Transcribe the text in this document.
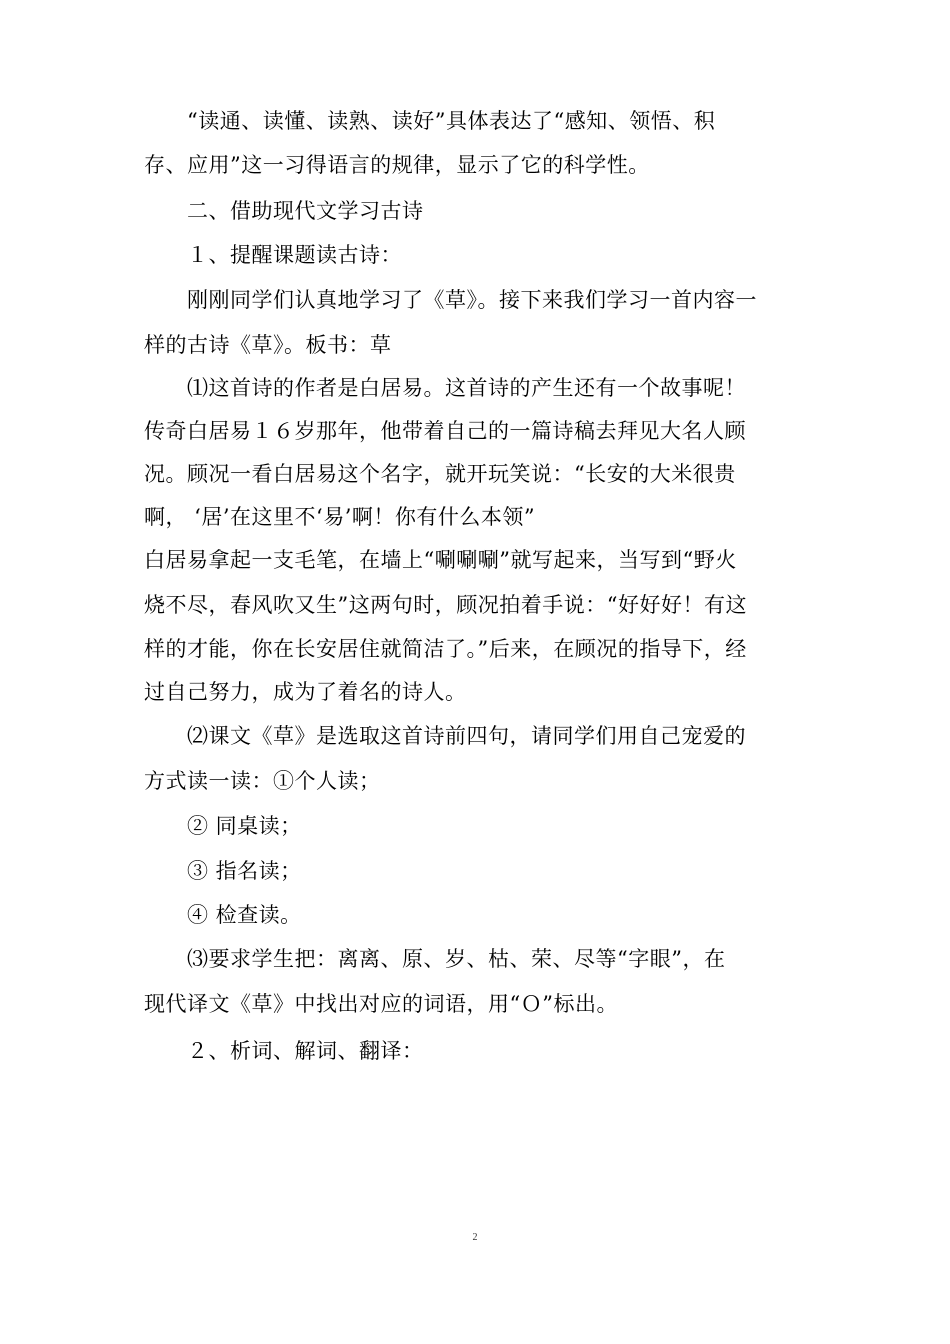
　　“读通、读懂、读熟、读好”具体表达了“感知、领悟、积
存、应用”这一习得语言的规律，显示了它的科学性。
　　二、借助现代文学习古诗
　　１、提醒课题读古诗：
　　刚刚同学们认真地学习了《草》。接下来我们学习一首内容一
样的古诗《草》。板书：草
　　⑴这首诗的作者是白居易。这首诗的产生还有一个故事呢！
传奇白居易１６岁那年，他带着自己的一篇诗稿去拜见大名人顾
况。顾况一看白居易这个名字，就开玩笑说：“长安的大米很贵
啊， ‘居’在这里不‘易’啊！你有什么本领”
白居易拿起一支毛笔，在墙上“唰唰唰”就写起来，当写到“野火
烧不尽，春风吹又生”这两句时，顾况拍着手说：“好好好！有这
样的才能，你在长安居住就简洁了。”后来，在顾况的指导下，经
过自己努力，成为了着名的诗人。
　　⑵课文《草》是选取这首诗前四句，请同学们用自己宠爱的
方式读一读：①个人读；
　　② 同桌读；
　　③ 指名读；
　　④ 检查读。
　　⑶要求学生把：离离、原、岁、枯、荣、尽等“字眼”，在
现代译文《草》中找出对应的词语，用“Ｏ”标出。
　　２、析词、解词、翻译：
2
